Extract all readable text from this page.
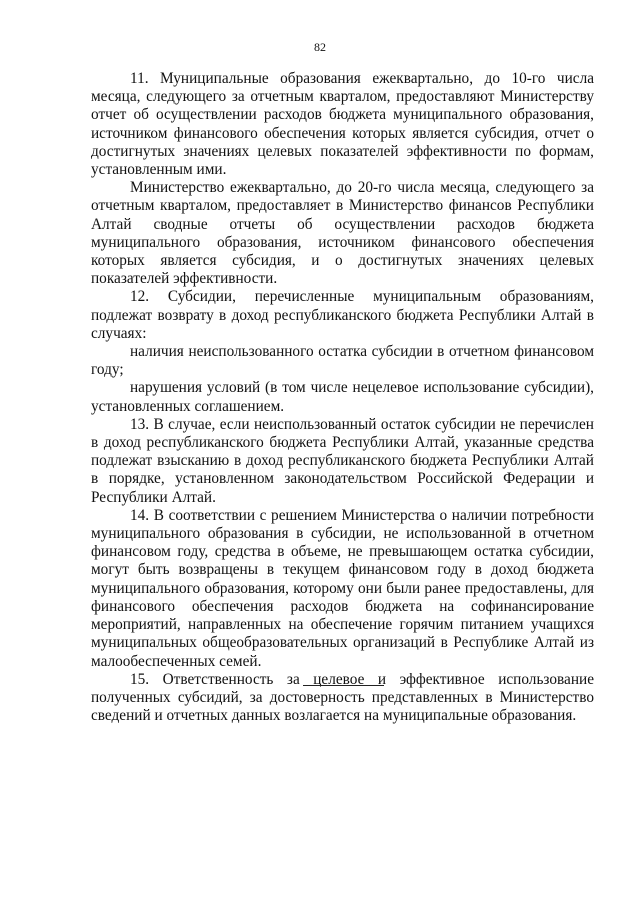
82

11. Муниципальные образования ежеквартально, до 10-го числа месяца, следующего за отчетным кварталом, предоставляют Министерству отчет об осуществлении расходов бюджета муниципального образования, источником финансового обеспечения которых является субсидия, отчет о достигнутых значениях целевых показателей эффективности по формам, установленным ими.

Министерство ежеквартально, до 20-го числа месяца, следующего за отчетным кварталом, предоставляет в Министерство финансов Республики Алтай сводные отчеты об осуществлении расходов бюджета муниципального образования, источником финансового обеспечения которых является субсидия, и о достигнутых значениях целевых показателей эффективности.

12. Субсидии, перечисленные муниципальным образованиям, подлежат возврату в доход республиканского бюджета Республики Алтай в случаях:

наличия неиспользованного остатка субсидии в отчетном финансовом году;

нарушения условий (в том числе нецелевое использование субсидии), установленных соглашением.

13. В случае, если неиспользованный остаток субсидии не перечислен в доход республиканского бюджета Республики Алтай, указанные средства подлежат взысканию в доход республиканского бюджета Республики Алтай в порядке, установленном законодательством Российской Федерации и Республики Алтай.

14. В соответствии с решением Министерства о наличии потребности муниципального образования в субсидии, не использованной в отчетном финансовом году, средства в объеме, не превышающем остатка субсидии, могут быть возвращены в текущем финансовом году в доход бюджета муниципального образования, которому они были ранее предоставлены, для финансового обеспечения расходов бюджета на софинансирование мероприятий, направленных на обеспечение горячим питанием учащихся муниципальных общеобразовательных организаций в Республике Алтай из малообеспеченных семей.

15. Ответственность за целевое и эффективное использование полученных субсидий, за достоверность представленных в Министерство сведений и отчетных данных возлагается на муниципальные образования.
